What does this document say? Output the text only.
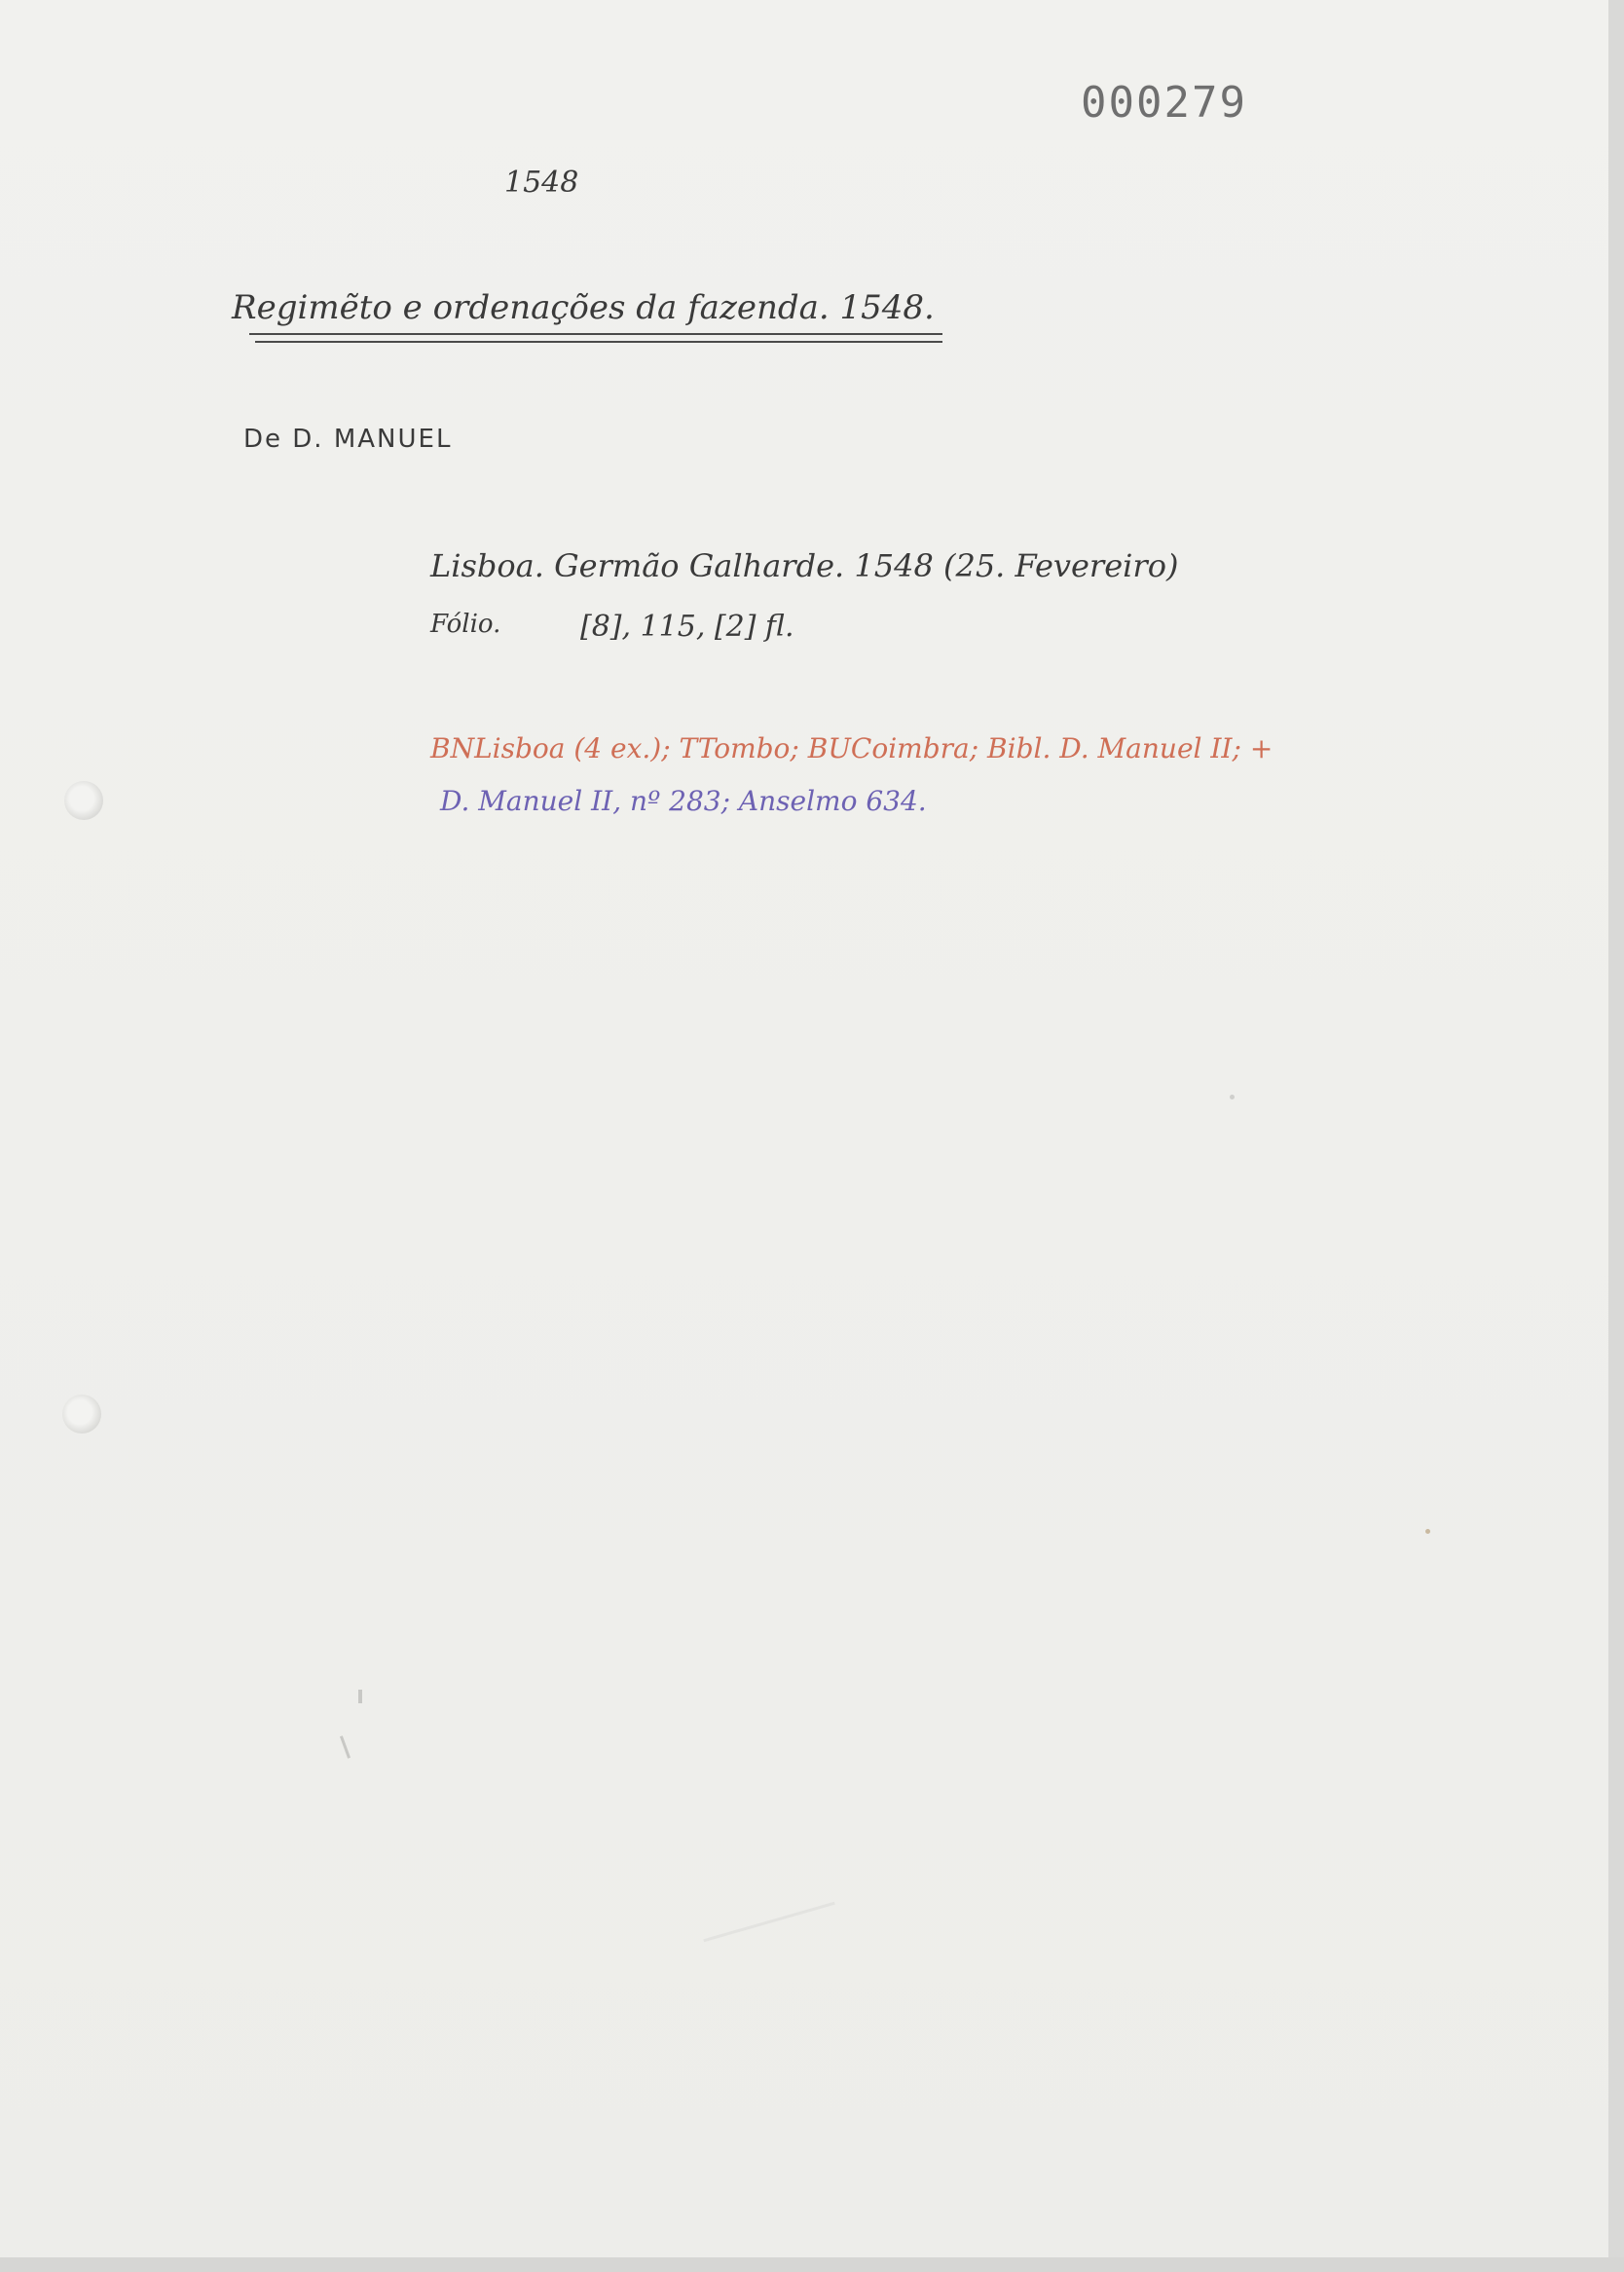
000279
1548
Regimẽto e ordenações da fazenda. 1548.
De D. MANUEL
Lisboa. Germão Galharde. 1548 (25. Fevereiro)
Fólio.	[8], 115, [2] fl.
BNLisboa (4 ex.); TTombo; BUCoimbra; Bibl. D. Manuel II; +
D. Manuel II, nº 283; Anselmo 634.
